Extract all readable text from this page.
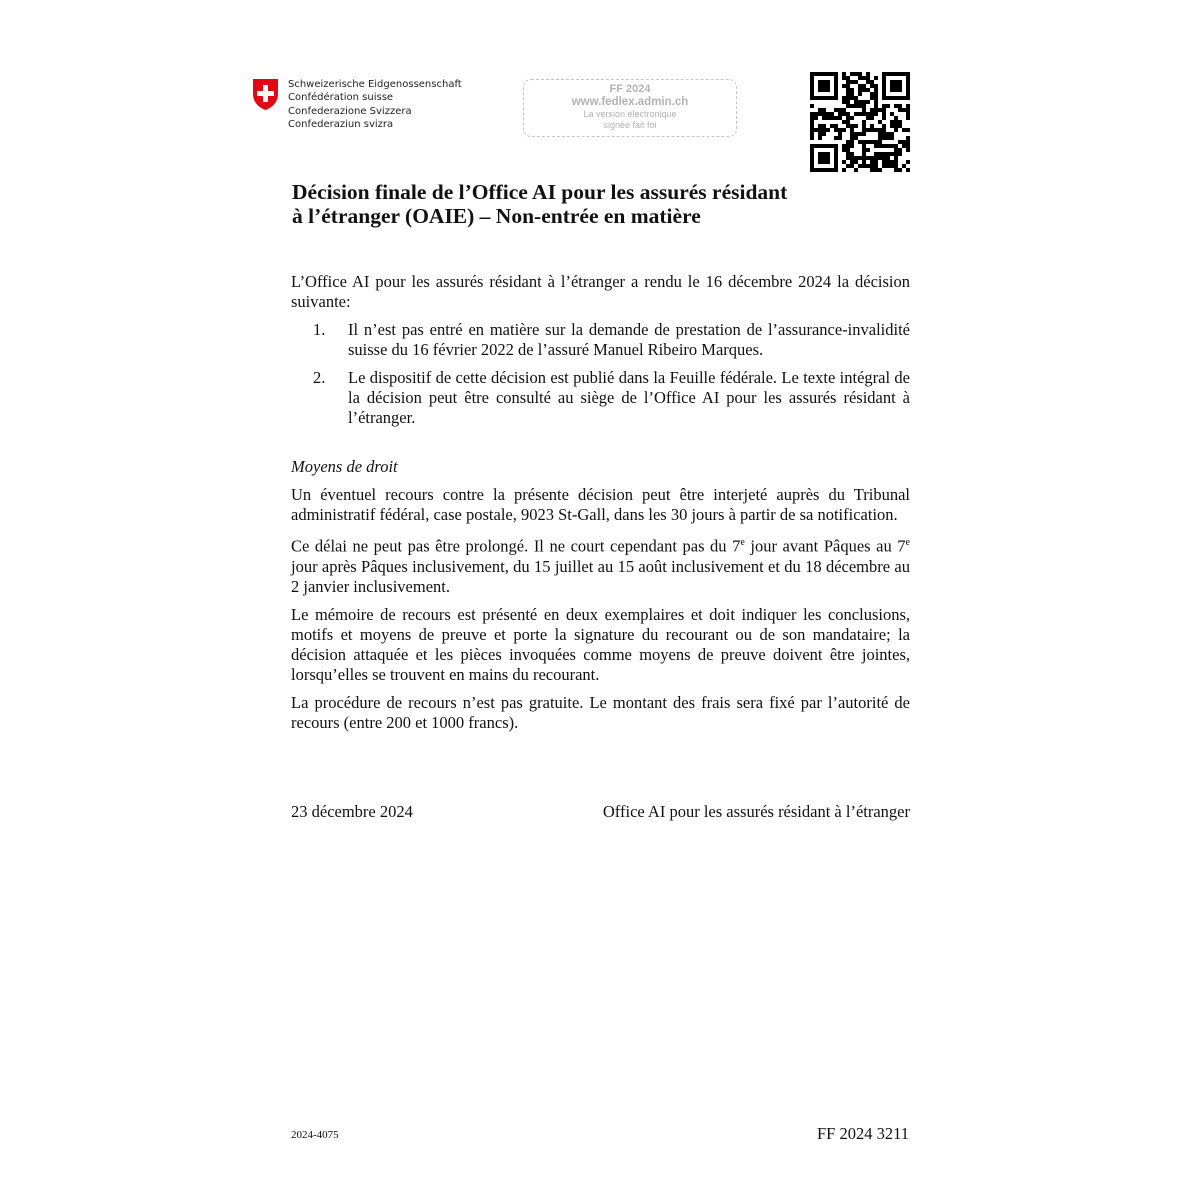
Schweizerische Eidgenossenschaft
Confédération suisse
Confederazione Svizzera
Confederaziun svizra
FF 2024
www.fedlex.admin.ch
La version électronique
signée fait foi
Décision finale de l’Office AI pour les assurés résidant
à l’étranger (OAIE) – Non-entrée en matière

L’Office AI pour les assurés résidant à l’étranger a rendu le 16 décembre 2024 la décision suivante:

1.	Il n’est pas entré en matière sur la demande de prestation de l’assurance-invalidité suisse du 16 février 2022 de l’assuré Manuel Ribeiro Marques.
2.	Le dispositif de cette décision est publié dans la Feuille fédérale. Le texte intégral de la décision peut être consulté au siège de l’Office AI pour les assurés résidant à l’étranger.

Moyens de droit

Un éventuel recours contre la présente décision peut être interjeté auprès du Tribunal administratif fédéral, case postale, 9023 St-Gall, dans les 30 jours à partir de sa notification.

Ce délai ne peut pas être prolongé. Il ne court cependant pas du 7e jour avant Pâques au 7e jour après Pâques inclusivement, du 15 juillet au 15 août inclusivement et du 18 décembre au 2 janvier inclusivement.

Le mémoire de recours est présenté en deux exemplaires et doit indiquer les conclusions, motifs et moyens de preuve et porte la signature du recourant ou de son mandataire; la décision attaquée et les pièces invoquées comme moyens de preuve doivent être jointes, lorsqu’elles se trouvent en mains du recourant.

La procédure de recours n’est pas gratuite. Le montant des frais sera fixé par l’autorité de recours (entre 200 et 1000 francs).

23 décembre 2024	Office AI pour les assurés résidant à l’étranger
2024-4075	FF 2024 3211
